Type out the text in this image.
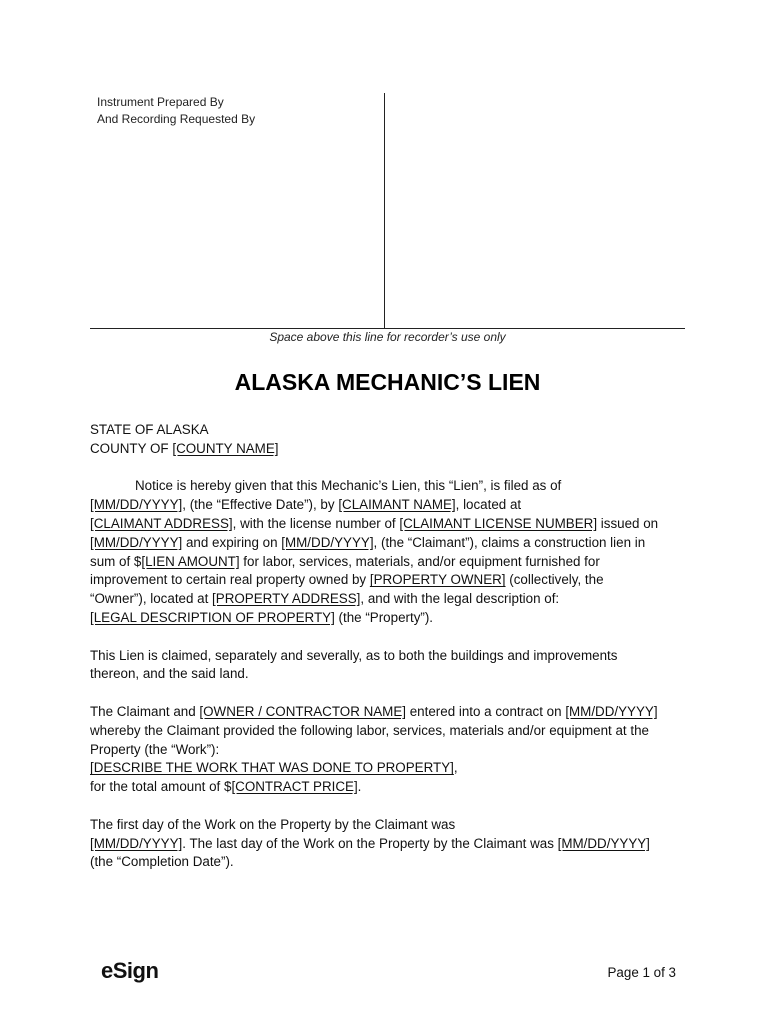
Instrument Prepared By
And Recording Requested By
Space above this line for recorder’s use only
ALASKA MECHANIC’S LIEN

STATE OF ALASKA

COUNTY OF [COUNTY NAME]

Notice is hereby given that this Mechanic’s Lien, this “Lien”, is filed as of
[MM/DD/YYYY], (the “Effective Date”), by [CLAIMANT NAME], located at
[CLAIMANT ADDRESS], with the license number of [CLAIMANT LICENSE NUMBER] issued on
[MM/DD/YYYY] and expiring on [MM/DD/YYYY], (the “Claimant”), claims a construction lien in
sum of $[LIEN AMOUNT] for labor, services, materials, and/or equipment furnished for
improvement to certain real property owned by [PROPERTY OWNER] (collectively, the
“Owner”), located at [PROPERTY ADDRESS], and with the legal description of:
[LEGAL DESCRIPTION OF PROPERTY] (the “Property”).

This Lien is claimed, separately and severally, as to both the buildings and improvements
thereon, and the said land.

The Claimant and [OWNER / CONTRACTOR NAME] entered into a contract on [MM/DD/YYYY]
whereby the Claimant provided the following labor, services, materials and/or equipment at the
Property (the “Work”):
[DESCRIBE THE WORK THAT WAS DONE TO PROPERTY],
for the total amount of $[CONTRACT PRICE].

The first day of the Work on the Property by the Claimant was
[MM/DD/YYYY]. The last day of the Work on the Property by the Claimant was [MM/DD/YYYY]
(the “Completion Date”).

eSign	Page 1 of 3
